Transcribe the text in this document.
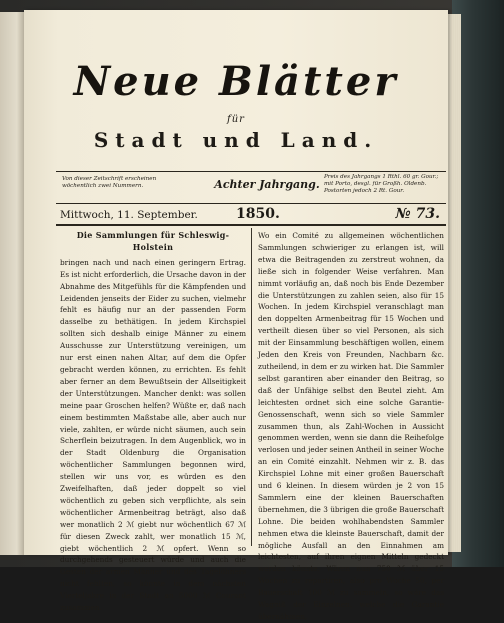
Neue Blätter
für
Stadt und Land.
Von dieser Zeitschrift erscheinen wöchentlich zwei Nummern.	Achter Jahrgang.
Preis des Jahrgangs 1 Rthl. 60 gr. Gour.; mit Porto, desgl. für Großh. Oldenb. Postorten jedoch 2 Rt. Gour.
Mittwoch, 11. September.	1850.	№ 73.

Die Sammlungen für Schleswig-Holstein

bringen nach und nach einen geringern Ertrag. Es ist nicht erforderlich, die Ursache davon in der Abnahme des Mitgefühls für die Kämpfenden und Leidenden jenseits der Eider zu suchen, vielmehr fehlt es häufig nur an der passenden Form dasselbe zu bethätigen. In jedem Kirchspiel sollten sich deshalb einige Männer zu einem Ausschusse zur Unterstützung vereinigen, um nur erst einen nahen Altar, auf dem die Opfer gebracht werden können, zu errichten. Es fehlt aber ferner an dem Bewußtsein der Allseitigkeit der Unterstützungen. Mancher denkt: was sollen meine paar Groschen helfen? Wüßte er, daß nach einem bestimmten Maßstabe alle, aber auch nur viele, zahlten, er würde nicht säumen, auch sein Scherflein beizutragen. In dem Augenblick, wo in der Stadt Oldenburg die Organisation wöchentlicher Sammlungen begonnen wird, stellen wir uns vor, es würden es den Zweifelhaften, daß jeder doppelt so viel wöchentlich zu geben sich verpflichte, als sein wöchentlicher Armenbeitrag beträgt, also daß wer monatlich 2 ℳ giebt nur wöchentlich 67 ℳ für diesen Zweck zahlt, wer monatlich 15 ℳ, giebt wöchentlich 2 ℳ opfert. Wenn so durchgehends gesteuert würde und auch die Gesten der armen Männer und des Tagelöhners nicht fehlten, so könnte in dem nächsten Vierteljahre in der Stadt an 5000 ℳ Courant zusammen.

Wo ein Comité zu allgemeinen wöchentlichen Sammlungen schwieriger zu erlangen ist, will etwa die Beitragenden zu zerstreut wohnen, da ließe sich in folgender Weise verfahren. Man nimmt vorläufig an, daß noch bis Ende Dezember die Unterstützungen zu zahlen seien, also für 15 Wochen. In jedem Kirchspiel veranschlagt man den doppelten Armenbeitrag für 15 Wochen und vertheilt diesen über so viel Personen, als sich mit der Einsammlung beschäftigen wollen, einem Jeden den Kreis von Freunden, Nachbarn &c. zutheilend, in dem er zu wirken hat. Die Sammler selbst garantiren aber einander den Beitrag, so daß der Unfähige selbst den Beutel zieht. Am leichtesten ordnet sich eine solche Garantie-Genossenschaft, wenn sich so viele Sammler zusammen thun, als Zahl-Wochen in Aussicht genommen werden, wenn sie dann die Reihefolge verlosen und jeder seinen Antheil in seiner Woche an ein Comité einzahlt. Nehmen wir z. B. das Kirchspiel Lohne mit einer großen Bauerschaft und 6 kleinen. In diesem würden je 2 von 15 Sammlern eine der kleinen Bauerschaften übernehmen, die 3 übrigen die große Bauerschaft Lohne. Die beiden wohlhabendsten Sammler nehmen etwa die kleinste Bauerschaft, damit der mögliche Ausfall an den Einnahmen am leichtesten, auf ihren eignen Mitteln gedeckt werden könnte. Wären nun 750 ℳ über 15 Wochen zu repartiren, also pro Woche 50, per Bauerschaft 100 ℳ zu sammeln, so wäre das Wagniß der Einzelnen, welche die Garantie übernähmen,
